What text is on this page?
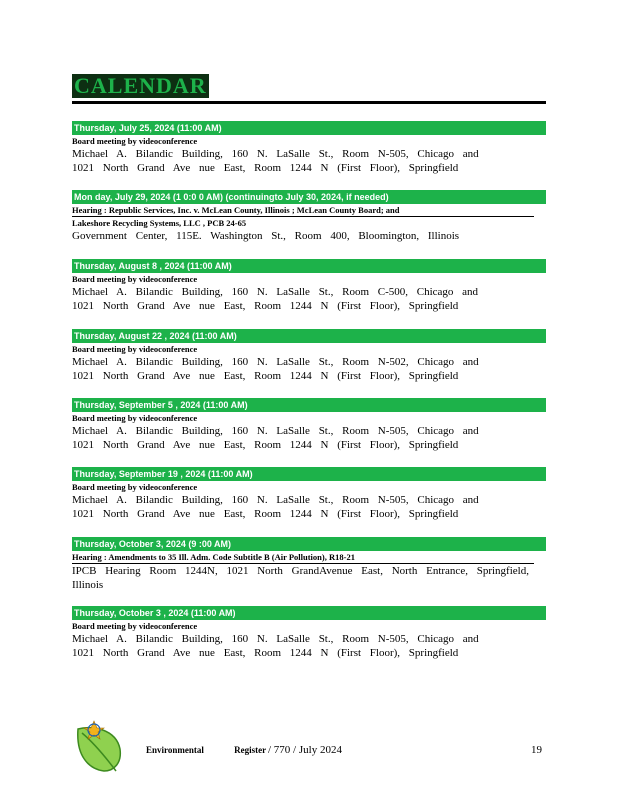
CALENDAR
Thursday, July 25, 2024 (11:00 AM)
Board meeting by videoconference
Michael A. Bilandic Building, 160 N. LaSalle St., Room N-505, Chicago and
1021 North Grand Ave nue East, Room 1244 N (First Floor), Springfield
Mon day, July 29, 2024 (1 0:0 0 AM) (continuingto July 30, 2024, if needed)
Hearing : Republic Services, Inc. v. McLean County, Illinois ; McLean County Board; and
Lakeshore Recycling Systems, LLC , PCB 24-65
Government Center, 115E. Washington St., Room 400, Bloomington, Illinois
Thursday, August 8 , 2024 (11:00 AM)
Board meeting by videoconference
Michael A. Bilandic Building, 160 N. LaSalle St., Room C-500, Chicago and
1021 North Grand Ave nue East, Room 1244 N (First Floor), Springfield
Thursday, August 22 , 2024 (11:00 AM)
Board meeting by videoconference
Michael A. Bilandic Building, 160 N. LaSalle St., Room N-502, Chicago and
1021 North Grand Ave nue East, Room 1244 N (First Floor), Springfield
Thursday, September 5 , 2024 (11:00 AM)
Board meeting by videoconference
Michael A. Bilandic Building, 160 N. LaSalle St., Room N-505, Chicago and
1021 North Grand Ave nue East, Room 1244 N (First Floor), Springfield
Thursday, September 19 , 2024 (11:00 AM)
Board meeting by videoconference
Michael A. Bilandic Building, 160 N. LaSalle St., Room N-505, Chicago and
1021 North Grand Ave nue East, Room 1244 N (First Floor), Springfield
Thursday, October 3, 2024 (9 :00 AM)
Hearing : Amendments to 35 Ill. Adm. Code Subtitle B (Air Pollution), R18-21
IPCB Hearing Room 1244N, 1021 North GrandAvenue East, North Entrance, Springfield,
Illinois
Thursday, October 3 , 2024 (11:00 AM)
Board meeting by videoconference
Michael A. Bilandic Building, 160 N. LaSalle St., Room N-505, Chicago and
1021 North Grand Ave nue East, Room 1244 N (First Floor), Springfield
Environmental Register / 770 / July 2024	19
